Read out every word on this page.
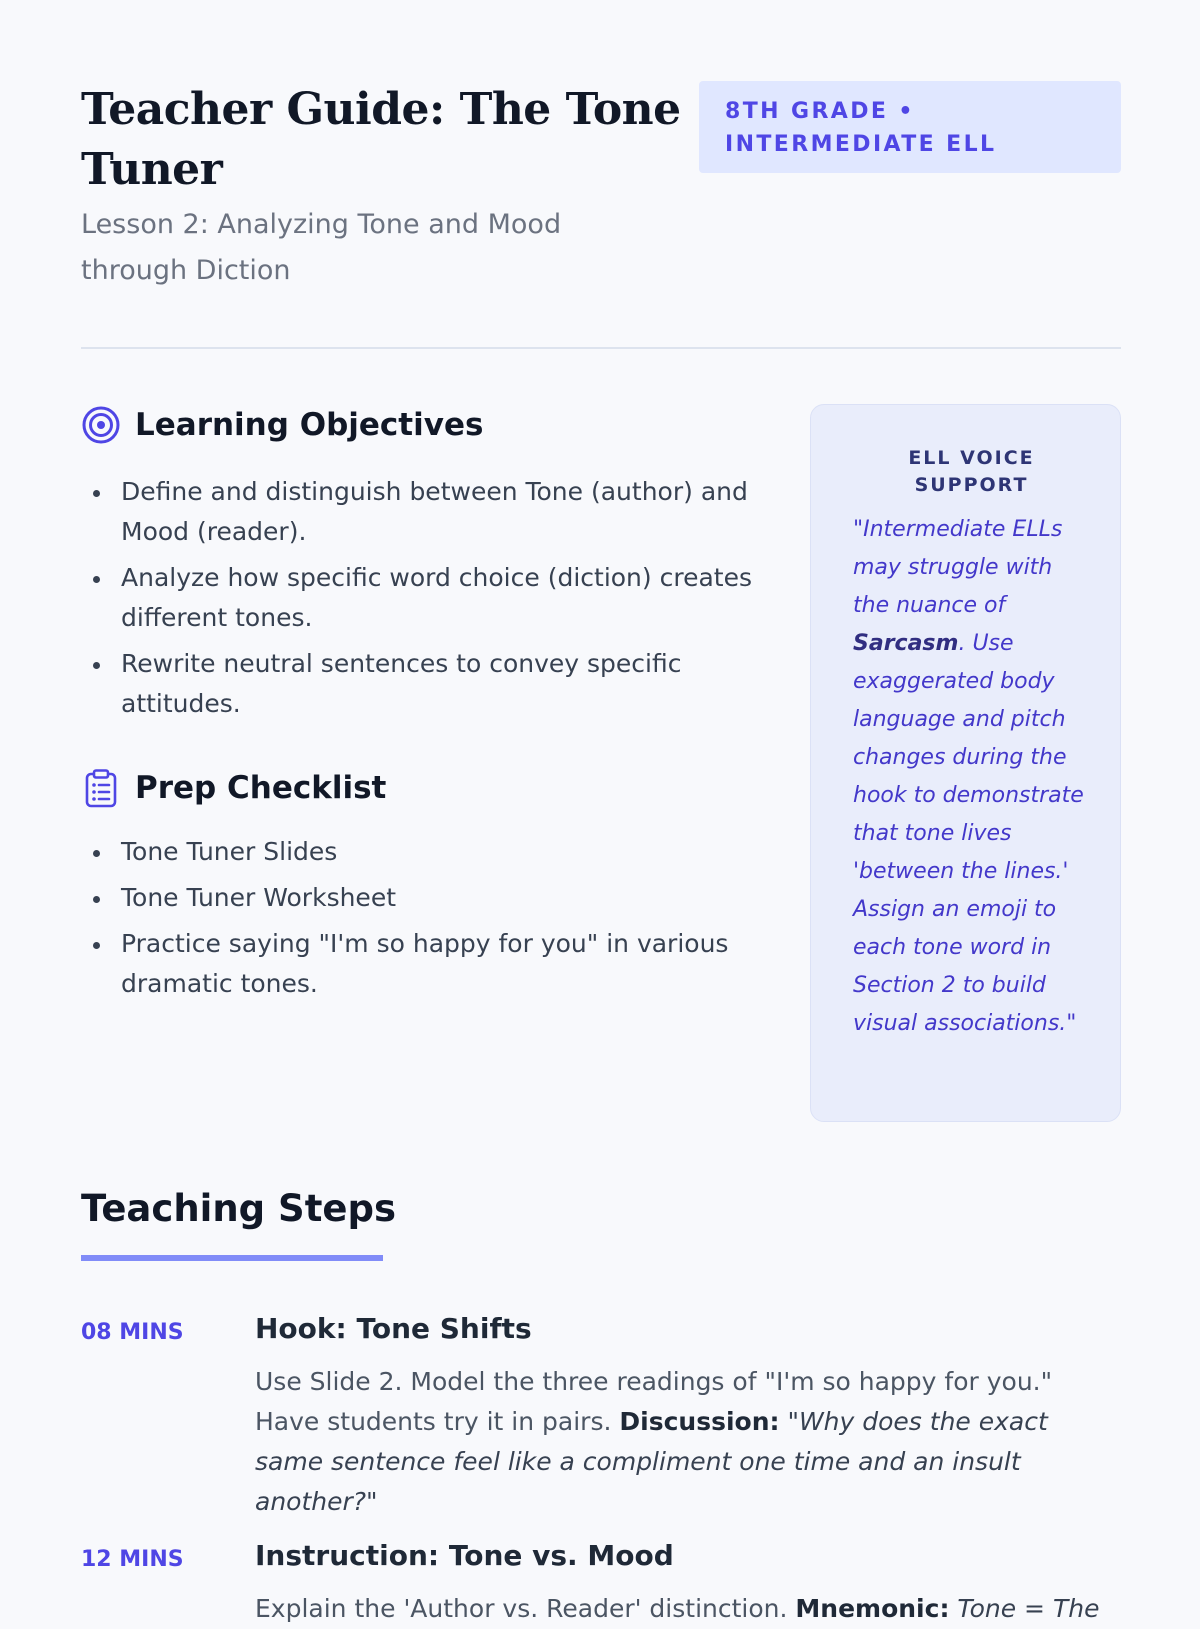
Teacher Guide: The Tone Tuner
Lesson 2: Analyzing Tone and Mood through Diction
8TH GRADE • INTERMEDIATE ELL
Learning Objectives
Define and distinguish between Tone (author) and Mood (reader).
Analyze how specific word choice (diction) creates different tones.
Rewrite neutral sentences to convey specific attitudes.
Prep Checklist
Tone Tuner Slides
Tone Tuner Worksheet
Practice saying "I'm so happy for you" in various dramatic tones.
ELL VOICE SUPPORT

"Intermediate ELLs may struggle with the nuance of Sarcasm. Use exaggerated body language and pitch changes during the hook to demonstrate that tone lives 'between the lines.' Assign an emoji to each tone word in Section 2 to build visual associations."

Teaching Steps
08 MINS	Hook: Tone Shifts

Use Slide 2. Model the three readings of "I'm so happy for you." Have students try it in pairs. Discussion: "Why does the exact same sentence feel like a compliment one time and an insult another?"

12 MINS	Instruction: Tone vs. Mood

Explain the 'Author vs. Reader' distinction. Mnemonic: Tone = The
